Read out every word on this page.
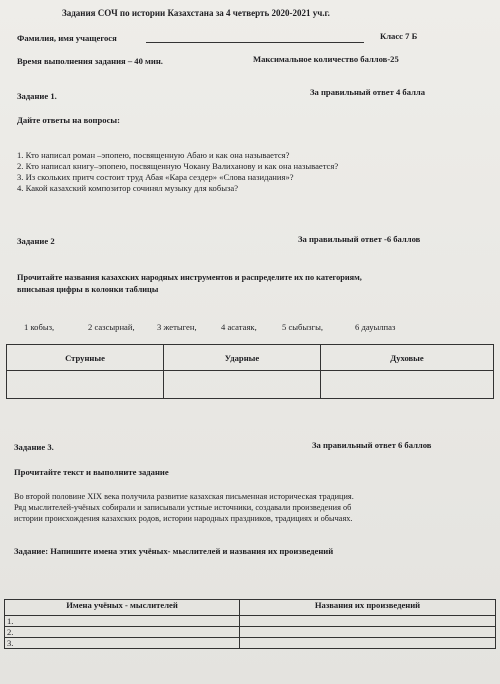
Задания СОЧ по истории Казахстана за 4 четверть 2020-2021 уч.г.
Фамилия, имя учащегося	Класс 7 Б
Время выполнения задания – 40 мин.	Максимальное количество баллов-25
Задание 1.	За правильный ответ 4 балла
Дайте ответы на вопросы:
1. Кто написал роман –эпопею, посвященную Абаю и как она называется?
2. Кто написал книгу–эпопею, посвященную Чокану Валиханову и как она называется?
3. Из скольких притч состоит труд Абая «Кара сездер» «Слова назидания»?
4. Какой казахский композитор сочинял музыку для кобыза?
Задание 2	За правильный ответ -6 баллов
Прочитайте названия казахских народных инструментов и распределите их по категориям,
вписывая цифры в колонки таблицы
1 кобыз,	2 сазсырнай,	3 жетыген,	4 асатаяк,	5 сыбызгы,	6 дауылпаз
Струнные	Ударные	Духовые

Задание 3.	За правильный ответ 6 баллов
Прочитайте текст и выполните задание
Во второй половине XIX века получила развитие казахская письменная историческая традиция.
Ряд мыслителей-учёных собирали и записывали устные источники, создавали произведения об
истории происхождения казахских родов, истории народных праздников, традициях и обычаях.
Задание: Напишите имена этих учёных- мыслителей и названия их произведений
Имена учёных - мыслителей	Названия их произведений
1.	
2.	
3.	
